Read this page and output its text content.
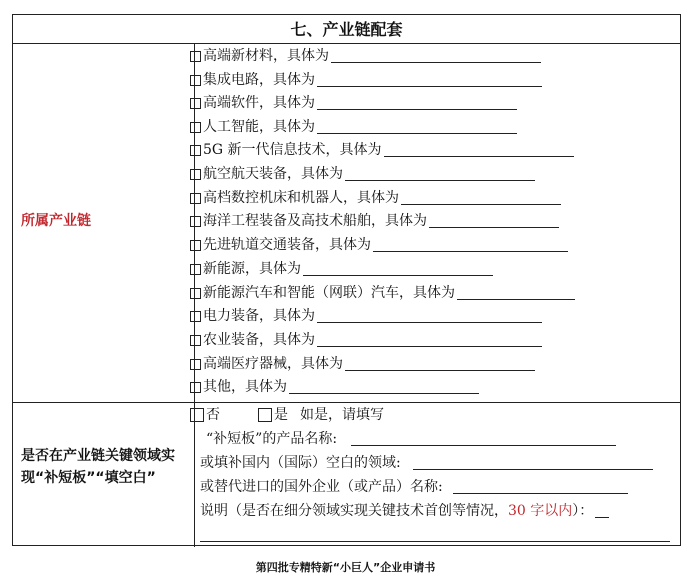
七、产业链配套
所属产业链
是否在产业链关键领域实现“补短板”“填空白”
高端新材料，具体为
集成电路，具体为
高端软件，具体为
人工智能，具体为
5G 新一代信息技术，具体为
航空航天装备，具体为
高档数控机床和机器人，具体为
海洋工程装备及高技术船舶，具体为
先进轨道交通装备，具体为
新能源，具体为
新能源汽车和智能（网联）汽车，具体为
电力装备，具体为
农业装备，具体为
高端医疗器械，具体为
其他，具体为
否	是 如是，请填写
“补短板”的产品名称:
或填补国内（国际）空白的领域:
或替代进口的国外企业（或产品）名称:
说明（是否在细分领域实现关键技术首创等情况， 30 字以内 ）：
第四批专精特新“小巨人”企业申请书
